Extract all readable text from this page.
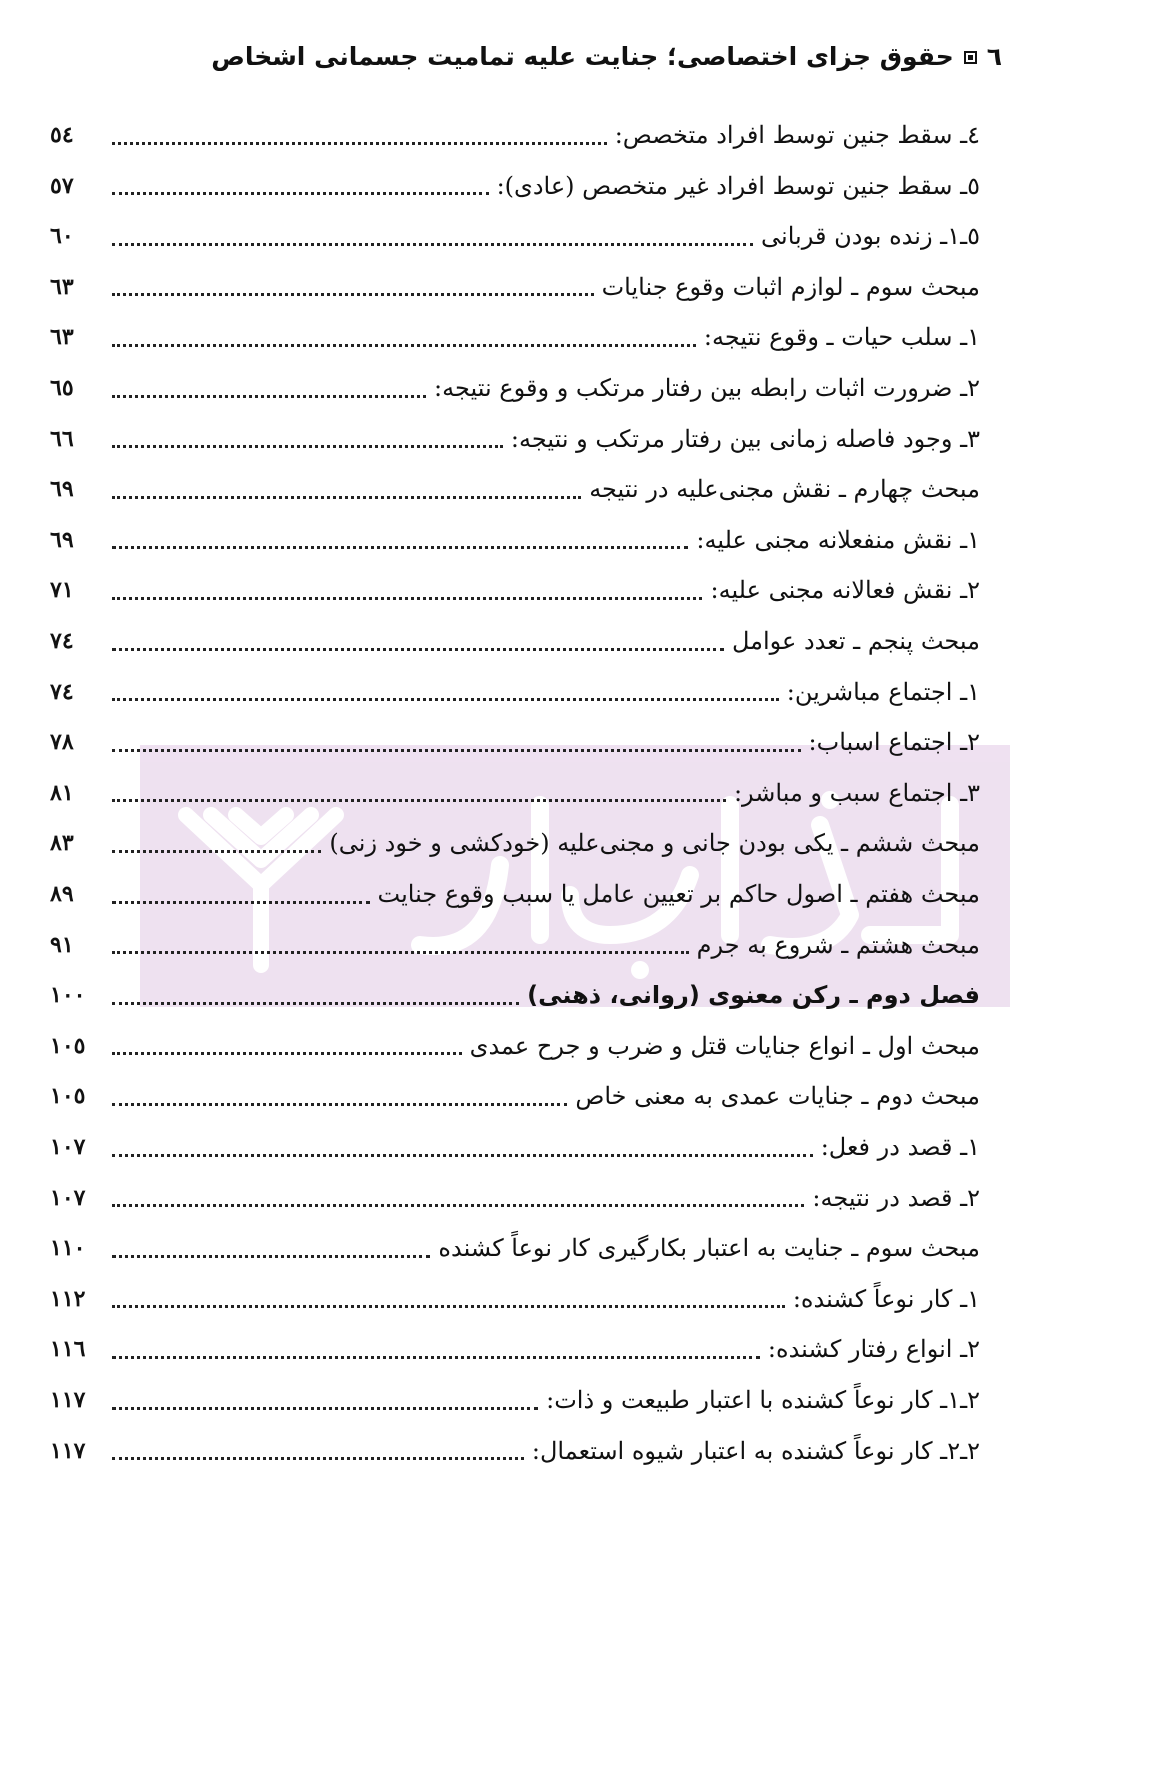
٦
حقوق جزای اختصاصی؛ جنایت علیه تمامیت جسمانی اشخاص
٤ـ سقط جنین توسط افراد متخصص:
٥٤
٥ـ سقط جنین توسط افراد غیر متخصص (عادی):
٥٧
٥ـ١ـ زنده بودن قربانی
٦٠
مبحث سوم ـ لوازم اثبات وقوع جنایات
٦٣
١ـ سلب حیات ـ وقوع نتیجه:
٦٣
٢ـ ضرورت اثبات رابطه بین رفتار مرتکب و وقوع نتیجه:
٦٥
٣ـ وجود فاصله زمانی بین رفتار مرتکب و نتیجه:
٦٦
مبحث چهارم ـ نقش مجنی‌علیه در نتیجه
٦٩
١ـ نقش منفعلانه مجنی علیه:
٦٩
٢ـ نقش فعالانه مجنی علیه:
٧١
مبحث پنجم ـ تعدد عوامل
٧٤
١ـ اجتماع مباشرین:
٧٤
٢ـ اجتماع اسباب:
٧٨
٣ـ اجتماع سبب و مباشر:
٨١
مبحث ششم ـ یکی بودن جانی و مجنی‌علیه (خودکشی و خود زنی)
٨٣
مبحث هفتم ـ اصول حاکم بر تعیین عامل یا سبب وقوع جنایت
٨٩
مبحث هشتم ـ شروع به جرم
٩١
فصل دوم ـ رکن معنوی (روانی، ذهنی)
١٠٠
مبحث اول ـ انواع جنایات قتل و ضرب و جرح عمدی
١٠٥
مبحث دوم ـ جنایات عمدی به معنی خاص
١٠٥
١ـ قصد در فعل:
١٠٧
٢ـ قصد در نتیجه:
١٠٧
مبحث سوم ـ جنایت به اعتبار بکارگیری کار نوعاً کشنده
١١٠
١ـ کار نوعاً کشنده:
١١٢
٢ـ انواع رفتار کشنده:
١١٦
٢ـ١ـ کار نوعاً کشنده با اعتبار طبیعت و ذات:
١١٧
٢ـ٢ـ کار نوعاً کشنده به اعتبار شیوه استعمال:
١١٧
